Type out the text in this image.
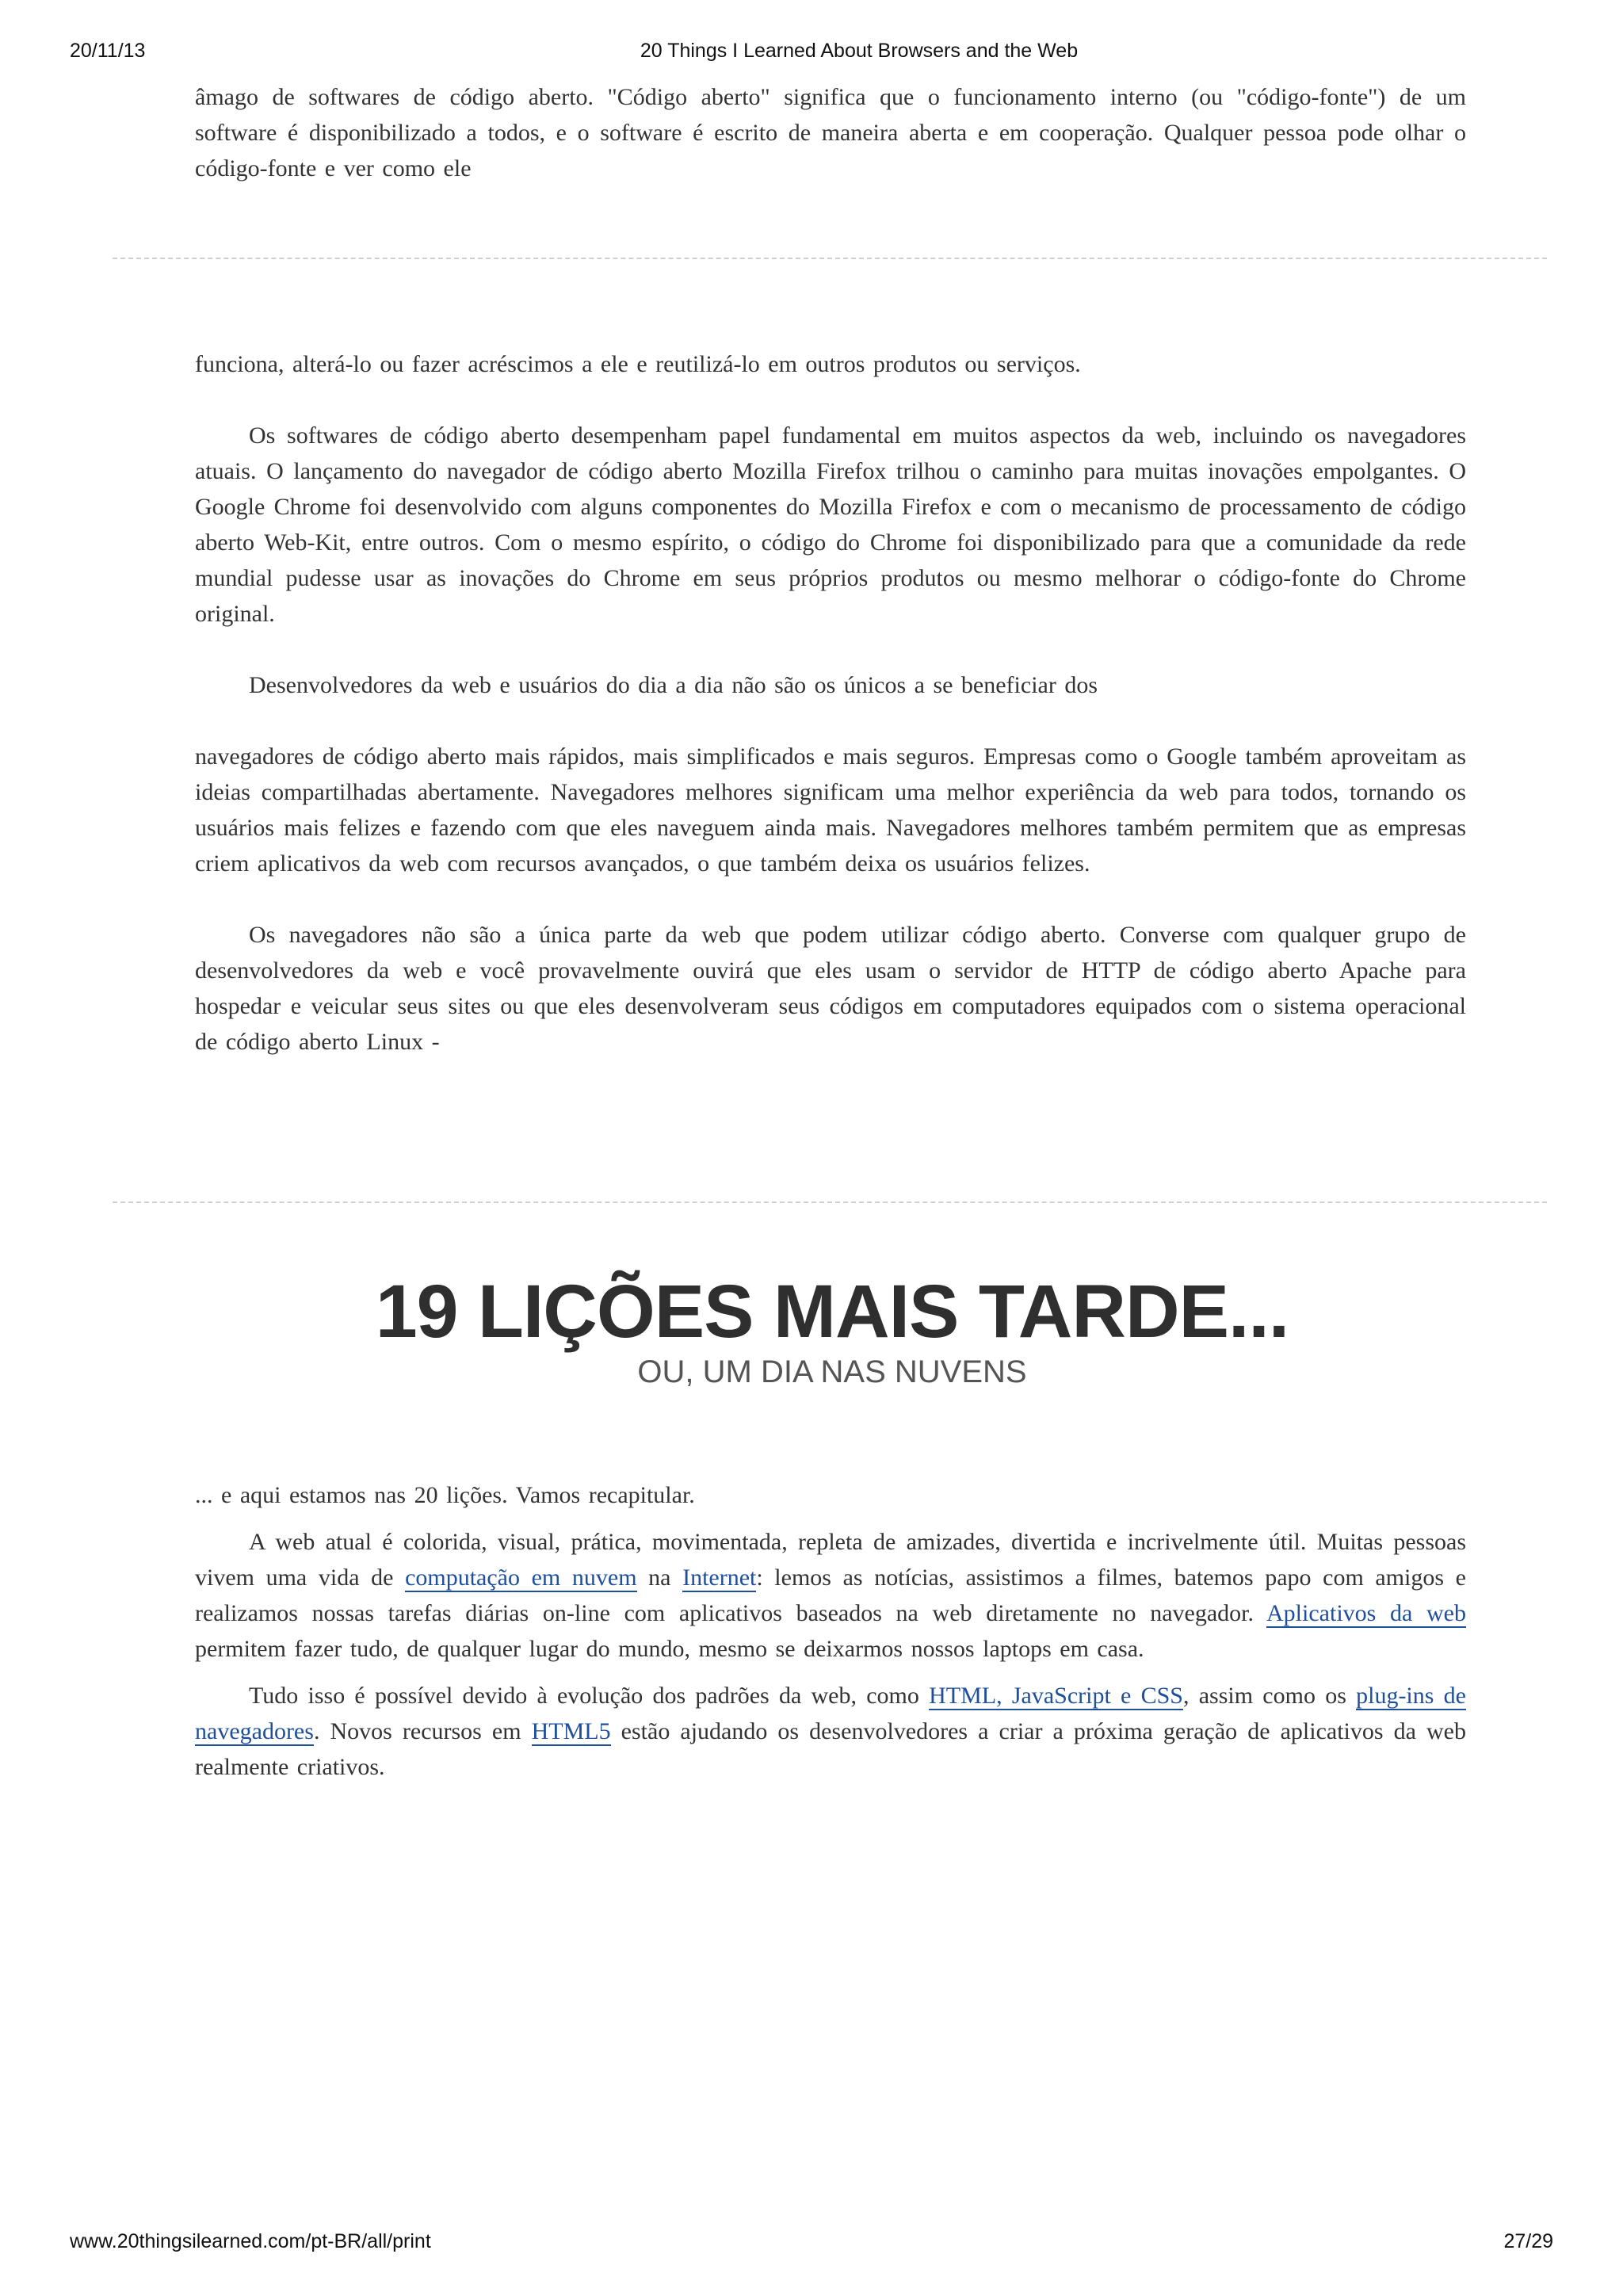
20/11/13	20 Things I Learned About Browsers and the Web

âmago de softwares de código aberto. "Código aberto" significa que o funcionamento interno (ou "código-fonte") de um software é disponibilizado a todos, e o software é escrito de maneira aberta e em cooperação. Qualquer pessoa pode olhar o código-fonte e ver como ele

funciona, alterá-lo ou fazer acréscimos a ele e reutilizá-lo em outros produtos ou serviços.

Os softwares de código aberto desempenham papel fundamental em muitos aspectos da web, incluindo os navegadores atuais. O lançamento do navegador de código aberto Mozilla Firefox trilhou o caminho para muitas inovações empolgantes. O Google Chrome foi desenvolvido com alguns componentes do Mozilla Firefox e com o mecanismo de processamento de código aberto Web-Kit, entre outros. Com o mesmo espírito, o código do Chrome foi disponibilizado para que a comunidade da rede mundial pudesse usar as inovações do Chrome em seus próprios produtos ou mesmo melhorar o código-fonte do Chrome original.

Desenvolvedores da web e usuários do dia a dia não são os únicos a se beneficiar dos

navegadores de código aberto mais rápidos, mais simplificados e mais seguros. Empresas como o Google também aproveitam as ideias compartilhadas abertamente. Navegadores melhores significam uma melhor experiência da web para todos, tornando os usuários mais felizes e fazendo com que eles naveguem ainda mais. Navegadores melhores também permitem que as empresas criem aplicativos da web com recursos avançados, o que também deixa os usuários felizes.

Os navegadores não são a única parte da web que podem utilizar código aberto. Converse com qualquer grupo de desenvolvedores da web e você provavelmente ouvirá que eles usam o servidor de HTTP de código aberto Apache para hospedar e veicular seus sites ou que eles desenvolveram seus códigos em computadores equipados com o sistema operacional de código aberto Linux -

19 LIÇÕES MAIS TARDE...
OU, UM DIA NAS NUVENS

... e aqui estamos nas 20 lições. Vamos recapitular.

A web atual é colorida, visual, prática, movimentada, repleta de amizades, divertida e incrivelmente útil. Muitas pessoas vivem uma vida de computação em nuvem na Internet: lemos as notícias, assistimos a filmes, batemos papo com amigos e realizamos nossas tarefas diárias on-line com aplicativos baseados na web diretamente no navegador. Aplicativos da web permitem fazer tudo, de qualquer lugar do mundo, mesmo se deixarmos nossos laptops em casa.

Tudo isso é possível devido à evolução dos padrões da web, como HTML, JavaScript e CSS, assim como os plug-ins de navegadores. Novos recursos em HTML5 estão ajudando os desenvolvedores a criar a próxima geração de aplicativos da web realmente criativos.

www.20thingsilearned.com/pt-BR/all/print	27/29
